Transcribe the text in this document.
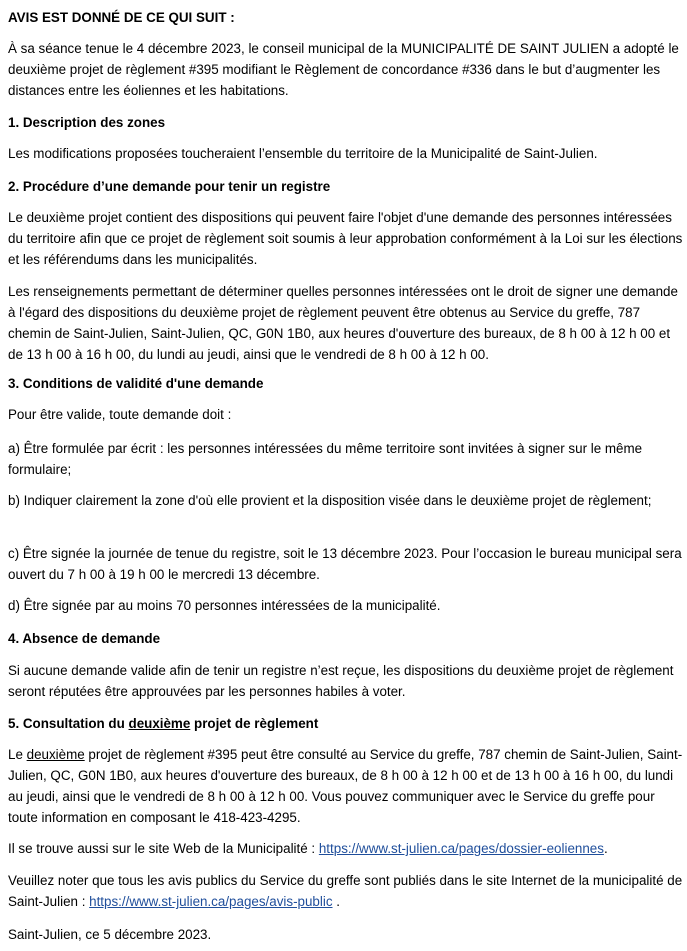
AVIS EST DONNÉ DE CE QUI SUIT :

À sa séance tenue le 4 décembre 2023, le conseil municipal de la MUNICIPALITÉ DE SAINT JULIEN a adopté le deuxième projet de règlement #395 modifiant le Règlement de concordance #336 dans le but d’augmenter les distances entre les éoliennes et les habitations.

1. Description des zones

Les modifications proposées toucheraient l’ensemble du territoire de la Municipalité de Saint-Julien.

2. Procédure d’une demande pour tenir un registre

Le deuxième projet contient des dispositions qui peuvent faire l'objet d'une demande des personnes intéressées du territoire afin que ce projet de règlement soit soumis à leur approbation conformément à la Loi sur les élections et les référendums dans les municipalités.

Les renseignements permettant de déterminer quelles personnes intéressées ont le droit de signer une demande à l'égard des dispositions du deuxième projet de règlement peuvent être obtenus au Service du greffe, 787 chemin de Saint-Julien, Saint-Julien, QC, G0N 1B0, aux heures d'ouverture des bureaux, de 8 h 00 à 12 h 00 et de 13 h 00 à 16 h 00, du lundi au jeudi, ainsi que le vendredi de 8 h 00 à 12 h 00.

3. Conditions de validité d'une demande

Pour être valide, toute demande doit :

a) Être formulée par écrit : les personnes intéressées du même territoire sont invitées à signer sur le même formulaire;

b) Indiquer clairement la zone d'où elle provient et la disposition visée dans le deuxième projet de règlement;

c) Être signée la journée de tenue du registre, soit le 13 décembre 2023. Pour l’occasion le bureau municipal sera ouvert du 7 h 00 à 19 h 00 le mercredi 13 décembre.

d) Être signée par au moins 70 personnes intéressées de la municipalité.

4. Absence de demande

Si aucune demande valide afin de tenir un registre n’est reçue, les dispositions du deuxième projet de règlement seront réputées être approuvées par les personnes habiles à voter.

5. Consultation du deuxième projet de règlement

Le deuxième projet de règlement #395 peut être consulté au Service du greffe, 787 chemin de Saint-Julien, Saint-Julien, QC, G0N 1B0, aux heures d'ouverture des bureaux, de 8 h 00 à 12 h 00 et de 13 h 00 à 16 h 00, du lundi au jeudi, ainsi que le vendredi de 8 h 00 à 12 h 00. Vous pouvez communiquer avec le Service du greffe pour toute information en composant le 418-423-4295.

Il se trouve aussi sur le site Web de la Municipalité : https://www.st-julien.ca/pages/dossier-eoliennes.

Veuillez noter que tous les avis publics du Service du greffe sont publiés dans le site Internet de la municipalité de Saint-Julien : https://www.st-julien.ca/pages/avis-public .

Saint-Julien, ce 5 décembre 2023.
